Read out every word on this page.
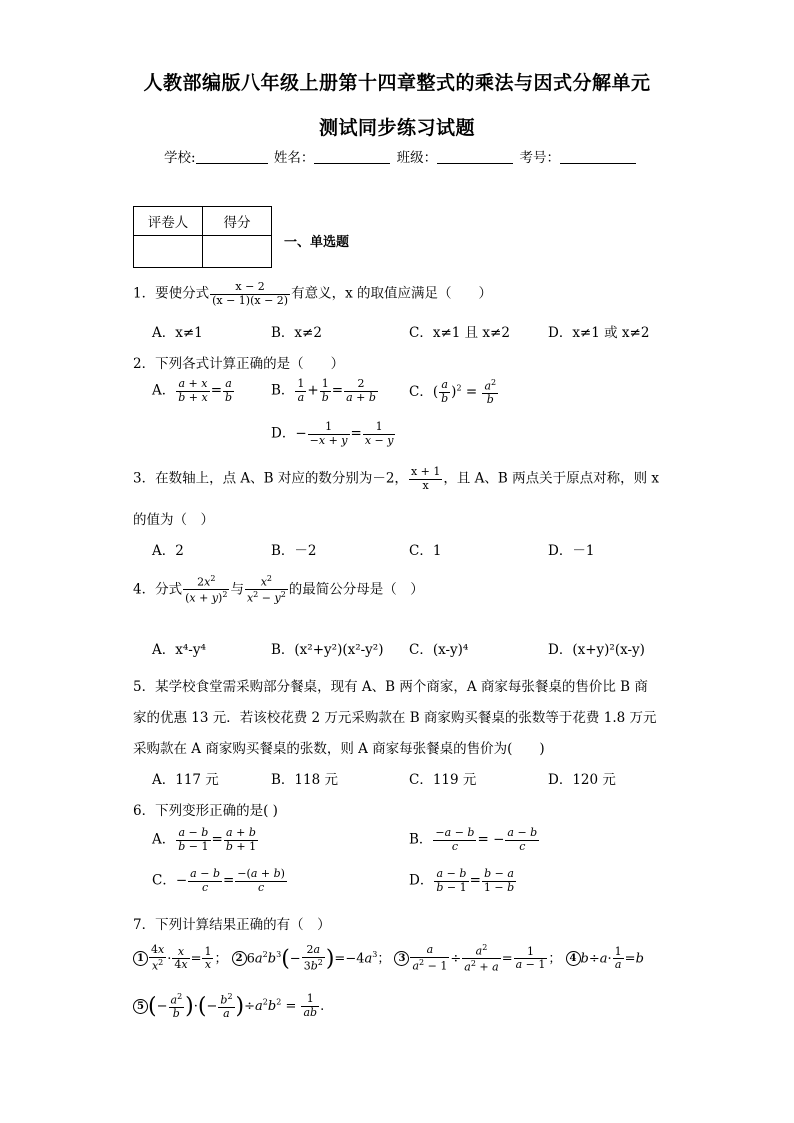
人教部编版八年级上册第十四章整式的乘法与因式分解单元
测试同步练习试题
学校:	姓名：	班级：	考号：
评卷人	得分

一、单选题
1．要使分式 $\frac{x - 2}{(x - 1)(x - 2)}$ 有意义，x 的取值应满足（　　）
A．x≠1	B．x≠2	C．x≠1 且 x≠2	D．x≠1 或 x≠2
2．下列各式计算正确的是（　　）
A． $\frac{a + x}{b + x} = \frac{a}{b}$	B． $\frac{1}{a} + \frac{1}{b} = \frac{2}{a + b}$ C．( $\frac{a}{b} )^2 = \frac{a^2}{b}$
D．− $\frac{1}{-x + y} = \frac{1}{x - y}$
3．在数轴上，点 A、B 对应的数分别为－2， $\frac{x + 1}{x}$ ，且 A、B 两点关于原点对称，则 x
的值为（　）
A．2	B．－2	C．1	D．－1
4．分式 $\frac{2x^2}{(x + y)^2}$ 与 $\frac{x^2}{x^2 - y^2}$ 的最简公分母是（　）
A．x⁴-y⁴	B．(x²+y²)(x²-y²) C．(x-y)⁴	D．(x+y)²(x-y)
5．某学校食堂需采购部分餐桌，现有 A、B 两个商家，A 商家每张餐桌的售价比 B 商
家的优惠 13 元．若该校花费 2 万元采购款在 B 商家购买餐桌的张数等于花费 1.8 万元
采购款在 A 商家购买餐桌的张数，则 A 商家每张餐桌的售价为(　　)
A．117 元	B．118 元	C．119 元	D．120 元
6．下列变形正确的是( )
A． $\frac{a - b}{b - 1} = \frac{a + b}{b + 1}$	B． $\frac{-a - b}{c}$ = − $\frac{a - b}{c}$
C．− $\frac{a - b}{c} = \frac{-(a + b)}{c}$	D． $\frac{a - b}{b - 1} = \frac{b - a}{1 - b}$
7．下列计算结果正确的有（　）
$1 \frac{4x}{x^2} \cdot \frac{x}{4x} = \frac{1}{x}$ ； 2 $6a^2b^3(- \frac{2a}{3b^2} )=-4a^3$； $3 \frac{a}{a^2 - 1} \div \frac{a^2}{a^2 + a} = \frac{1}{a - 1}$ ； 4 $b\div a\cdot \frac{1}{a} =b$
5 (− $\frac{a^2}{b}$ )·(− $\frac{b^2}{a} )\div a^2b^2 = \frac{1}{ab}$ .
